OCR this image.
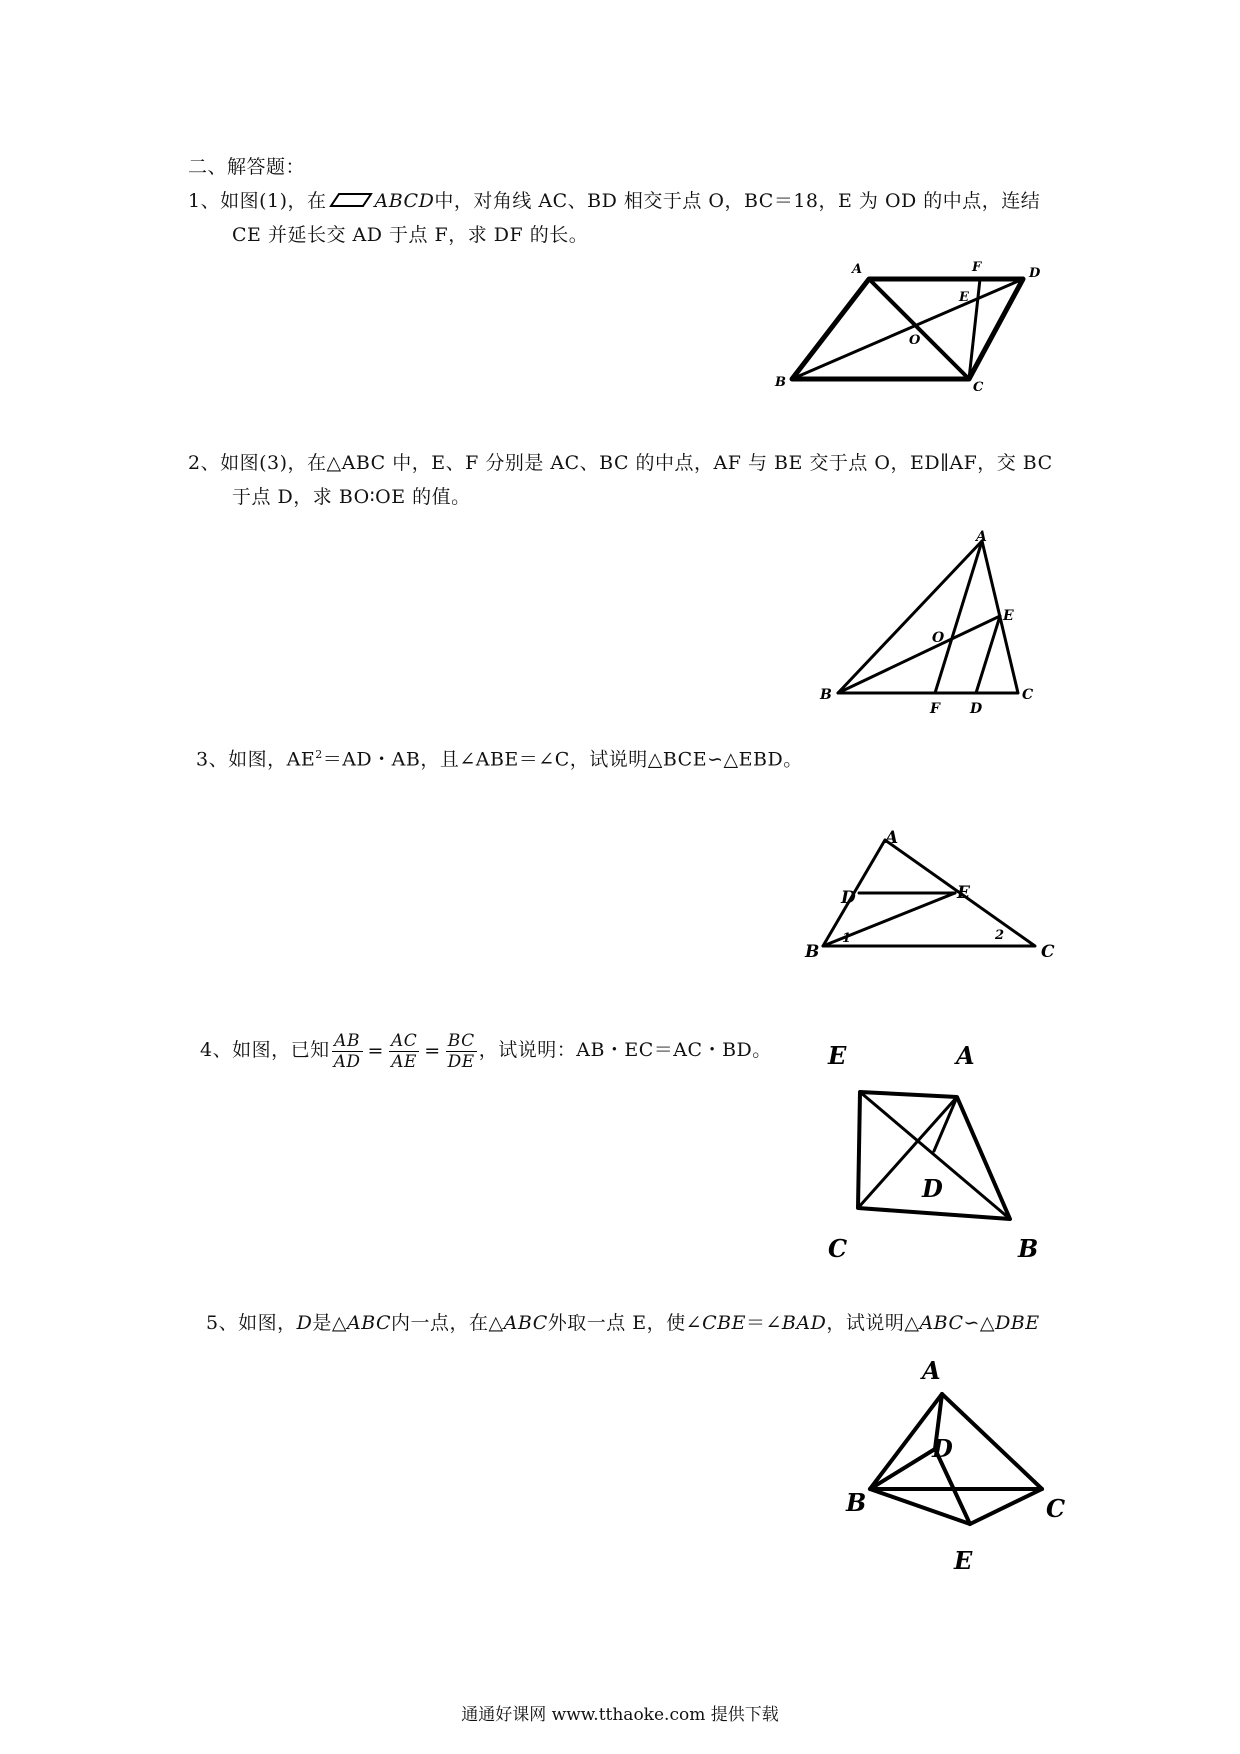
二、解答题：
1、如图(1)，在	ABCD中，对角线 AC、BD 相交于点 O，BC＝18，E 为 OD 的中点，连结
CE 并延长交 AD 于点 F，求 DF 的长。
A	F	D
E
O
B	C
2、如图(3)，在△ABC 中，E、F 分别是 AC、BC 的中点，AF 与 BE 交于点 O，ED∥AF，交 BC
于点 D，求 BO∶OE 的值。
A
E
O
B
F D
C
3、如图，$AE^2=AD$・AB，且∠ABE＝∠C，试说明△BCE∽△EBD。
A
D	E
B	C
1	2
4、如图，已知 $\frac{AB}{AD} = \frac{AC}{AE} = \frac{BC}{DE}$ ，试说明：AB・EC＝AC・BD。 E	A
D
C	B
5、如图，D是△ABC内一点，在△ABC外取一点 E，使∠CBE＝∠BAD，试说明△ABC∽△DBE
A
D
B	C
E
通通好课网 www.tthaoke.com 提供下载
